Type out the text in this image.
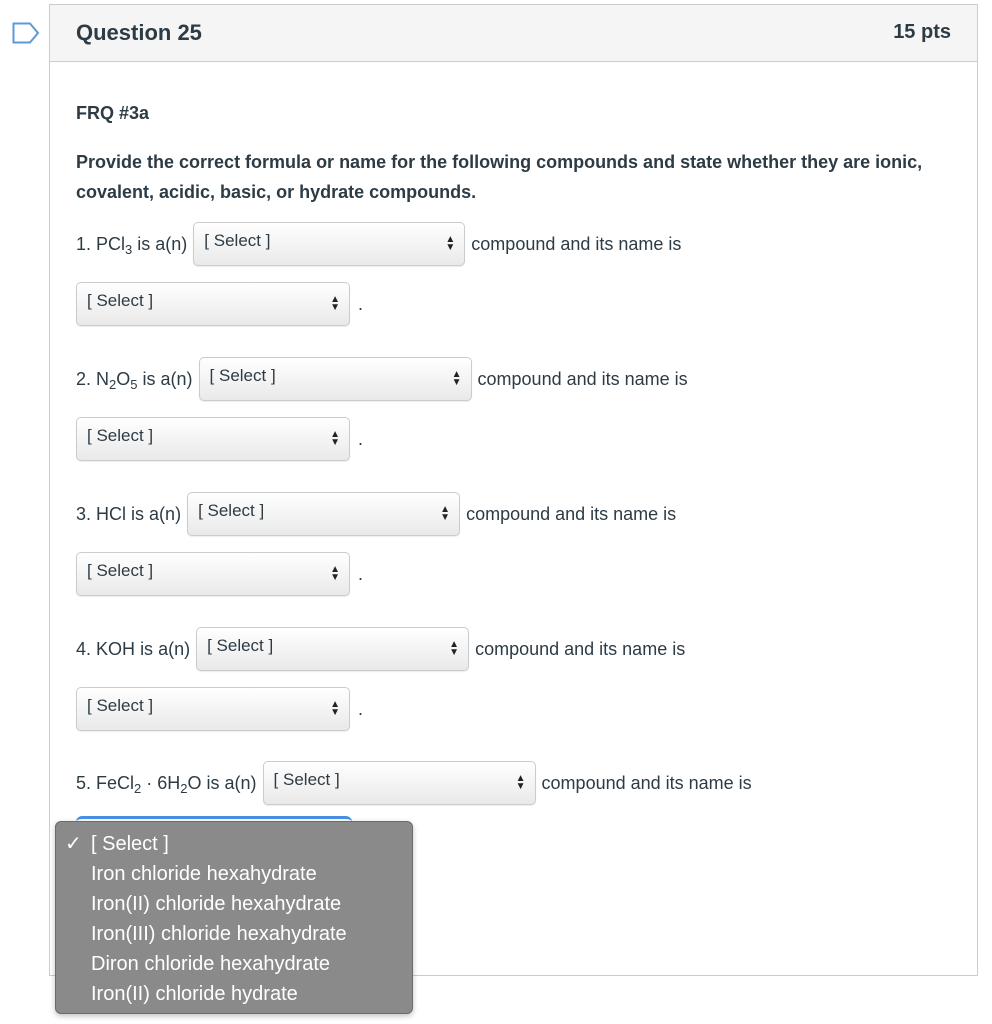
Question 25	15 pts
FRQ #3a
Provide the correct formula or name for the following compounds and state whether they are ionic, covalent, acidic, basic, or hydrate compounds.
1. PCl$_3$ is a(n) [ Select ]	▲
▼ compound and its name is
[ Select ]	▲
▼ .
2. $N_2O_5$ is a(n) [ Select ]	▲
▼ compound and its name is
[ Select ]	▲
▼ .
3. HCl is a(n) [ Select ]	▲
▼ compound and its name is
[ Select ]	▲
▼ .
4. KOH is a(n) [ Select ]	▲
▼ compound and its name is
[ Select ]	▲
▼ .
5. FeCl$_2$ · $6H_2O$ is a(n) [ Select ]	▲
▼ compound and its name is
✓ [ Select ]
Iron chloride hexahydrate
Iron(II) chloride hexahydrate
Iron(III) chloride hexahydrate
Diron chloride hexahydrate
Iron(II) chloride hydrate
